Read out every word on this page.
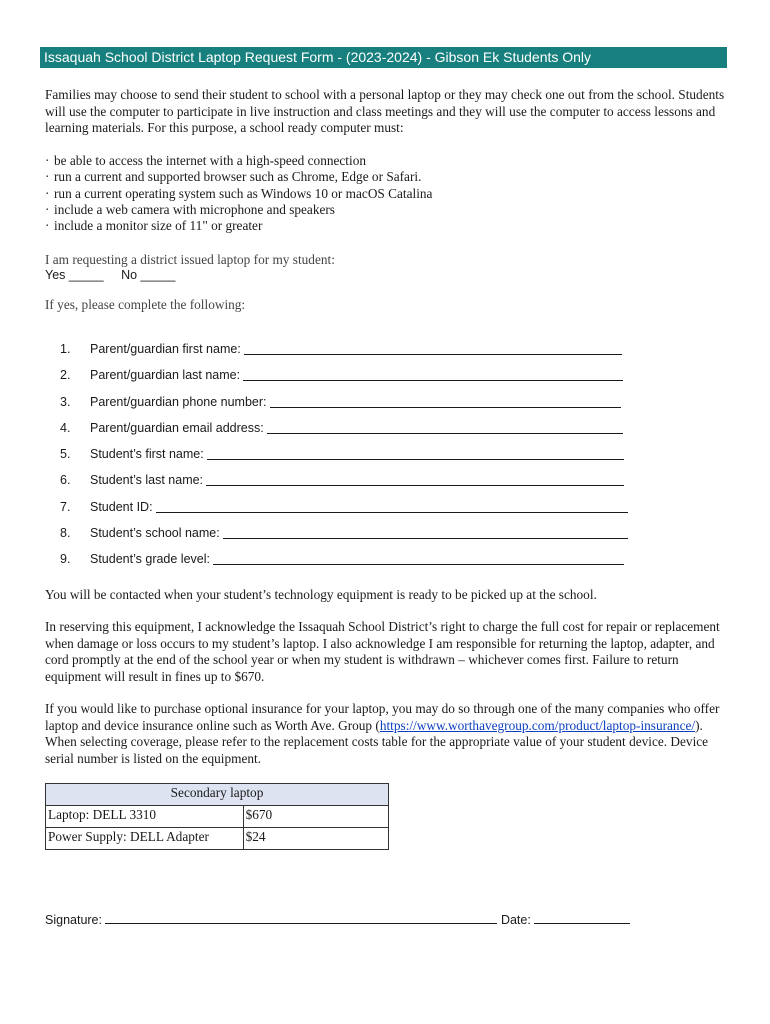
Issaquah School District Laptop Request Form - (2023-2024) - Gibson Ek Students Only

Families may choose to send their student to school with a personal laptop or they may check one out from the school. Students will use the computer to participate in live instruction and class meetings and they will use the computer to access lessons and learning materials. For this purpose, a school ready computer must:

· be able to access the internet with a high-speed connection
· run a current and supported browser such as Chrome, Edge or Safari.
· run a current operating system such as Windows 10 or macOS Catalina
· include a web camera with microphone and speakers
· include a monitor size of 11" or greater

I am requesting a district issued laptop for my student:

Yes _____ No _____

If yes, please complete the following:

1.	Parent/guardian first name:
2.	Parent/guardian last name:
3.	Parent/guardian phone number:
4.	Parent/guardian email address:
5.	Student’s first name:
6.	Student’s last name:
7.	Student ID:
8.	Student’s school name:
9.	Student’s grade level:

You will be contacted when your student’s technology equipment is ready to be picked up at the school.

In reserving this equipment, I acknowledge the Issaquah School District’s right to charge the full cost for repair or replacement when damage or loss occurs to my student’s laptop. I also acknowledge I am responsible for returning the laptop, adapter, and cord promptly at the end of the school year or when my student is withdrawn – whichever comes first. Failure to return equipment will result in fines up to $670.

If you would like to purchase optional insurance for your laptop, you may do so through one of the many companies who offer laptop and device insurance online such as Worth Ave. Group (https://www.worthavegroup.com/product/laptop-insurance/). When selecting coverage, please refer to the replacement costs table for the appropriate value of your student device. Device serial number is listed on the equipment.

Secondary laptop	
Laptop: DELL 3310	$670
Power Supply: DELL Adapter	$24
Signature:	Date:
